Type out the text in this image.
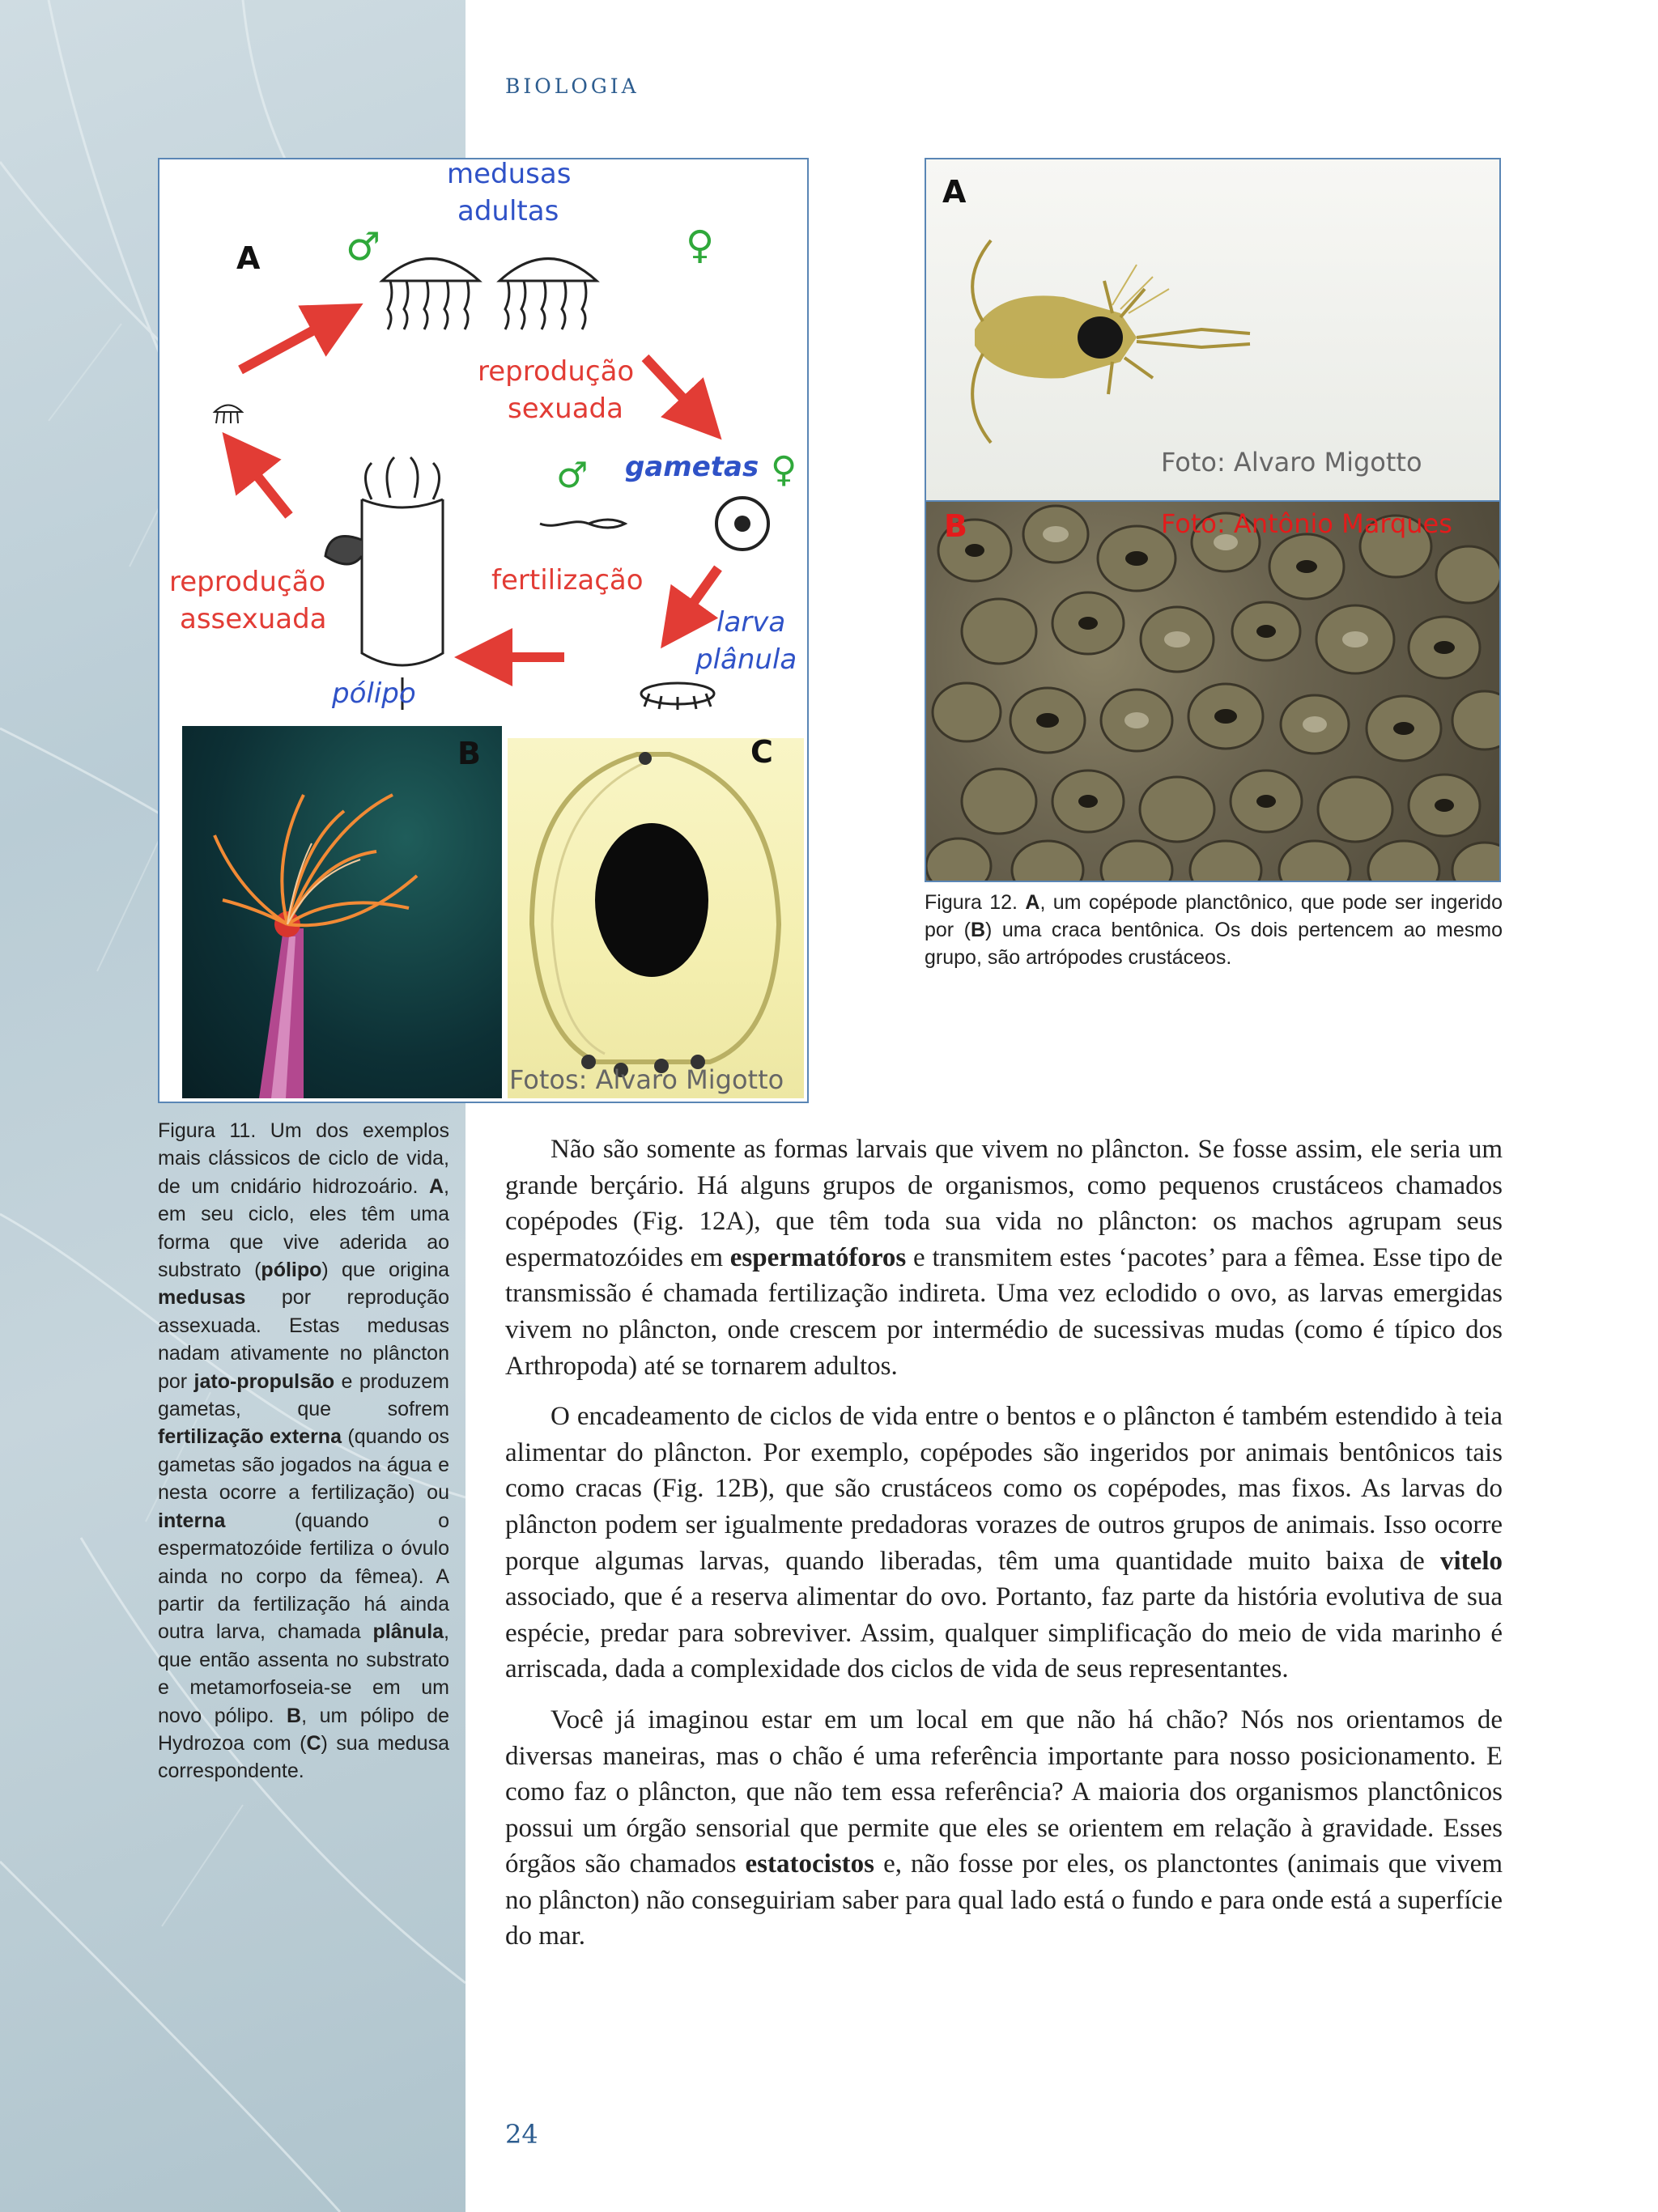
BIOLOGIA
medusas
adultas
A ♂	♀
reprodução
sexuada
♂ gametas ♀
fertilização
larva
plânula
reprodução
assexuada
pólipo
B	C
Fotos: Alvaro Migotto
A
Foto: Alvaro Migotto
B	Foto: Antônio Marques
Figura 12. A, um copépode planctônico, que pode ser ingerido por (B) uma craca bentônica. Os dois pertencem ao mesmo grupo, são artrópodes crustáceos.
Figura 11. Um dos exemplos mais clássicos de ciclo de vida, de um cnidário hidrozoário. A, em seu ciclo, eles têm uma forma que vive aderida ao substrato (pólipo) que origina medusas por reprodução assexuada. Estas medusas nadam ativamente no plâncton por jato-propulsão e produzem gametas, que sofrem fertilização externa (quando os gametas são jogados na água e nesta ocorre a fertilização) ou interna (quando o espermatozóide fertiliza o óvulo ainda no corpo da fêmea). A partir da fertilização há ainda outra larva, chamada plânula, que então assenta no substrato e metamorfoseia-se em um novo pólipo. B, um pólipo de Hydrozoa com (C) sua medusa correspondente.

Não são somente as formas larvais que vivem no plâncton. Se fosse assim, ele seria um grande berçário. Há alguns grupos de organismos, como pequenos crustáceos chamados copépodes (Fig. 12A), que têm toda sua vida no plâncton: os machos agrupam seus espermatozóides em espermatóforos e transmitem estes ‘pacotes’ para a fêmea. Esse tipo de transmissão é chamada fertilização indireta. Uma vez eclodido o ovo, as larvas emergidas vivem no plâncton, onde crescem por intermédio de sucessivas mudas (como é típico dos Arthropoda) até se tornarem adultos.

O encadeamento de ciclos de vida entre o bentos e o plâncton é também estendido à teia alimentar do plâncton. Por exemplo, copépodes são ingeridos por animais bentônicos tais como cracas (Fig. 12B), que são crustáceos como os copépodes, mas fixos. As larvas do plâncton podem ser igualmente predadoras vorazes de outros grupos de animais. Isso ocorre porque algumas larvas, quando liberadas, têm uma quantidade muito baixa de vitelo associado, que é a reserva alimentar do ovo. Portanto, faz parte da história evolutiva de sua espécie, predar para sobreviver. Assim, qualquer simplificação do meio de vida marinho é arriscada, dada a complexidade dos ciclos de vida de seus representantes.

Você já imaginou estar em um local em que não há chão? Nós nos orientamos de diversas maneiras, mas o chão é uma referência importante para nosso posicionamento. E como faz o plâncton, que não tem essa referência? A maioria dos organismos planctônicos possui um órgão sensorial que permite que eles se orientem em relação à gravidade. Esses órgãos são chamados estatocistos e, não fosse por eles, os planctontes (animais que vivem no plâncton) não conseguiriam saber para qual lado está o fundo e para onde está a superfície do mar.

24
